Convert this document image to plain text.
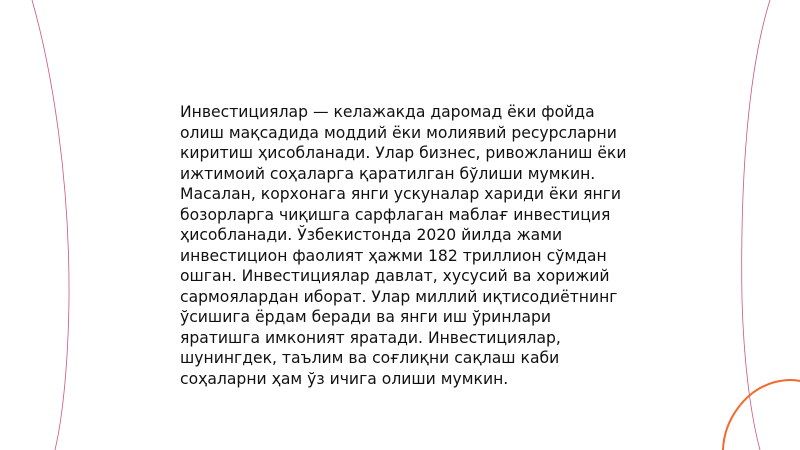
Инвестициялар — келажакда даромад ёки фойда олиш мақсадида моддий ёки молиявий ресурсларни киритиш ҳисобланади. Улар бизнес, ривожланиш ёки ижтимоий соҳаларга қаратилган бўлиши мумкин. Масалан, корхонага янги ускуналар хариди ёки янги бозорларга чиқишга сарфлаган маблағ инвестиция ҳисобланади. Ўзбекистонда 2020 йилда жами инвестицион фаолият ҳажми 182 триллион сўмдан ошган. Инвестициялар давлат, хусусий ва хорижий сармоялардан иборат. Улар миллий иқтисодиётнинг ўсишига ёрдам беради ва янги иш ўринлари яратишга имконият яратади. Инвестициялар, шунингдек, таълим ва соғлиқни сақлаш каби соҳаларни ҳам ўз ичига олиши мумкин.
